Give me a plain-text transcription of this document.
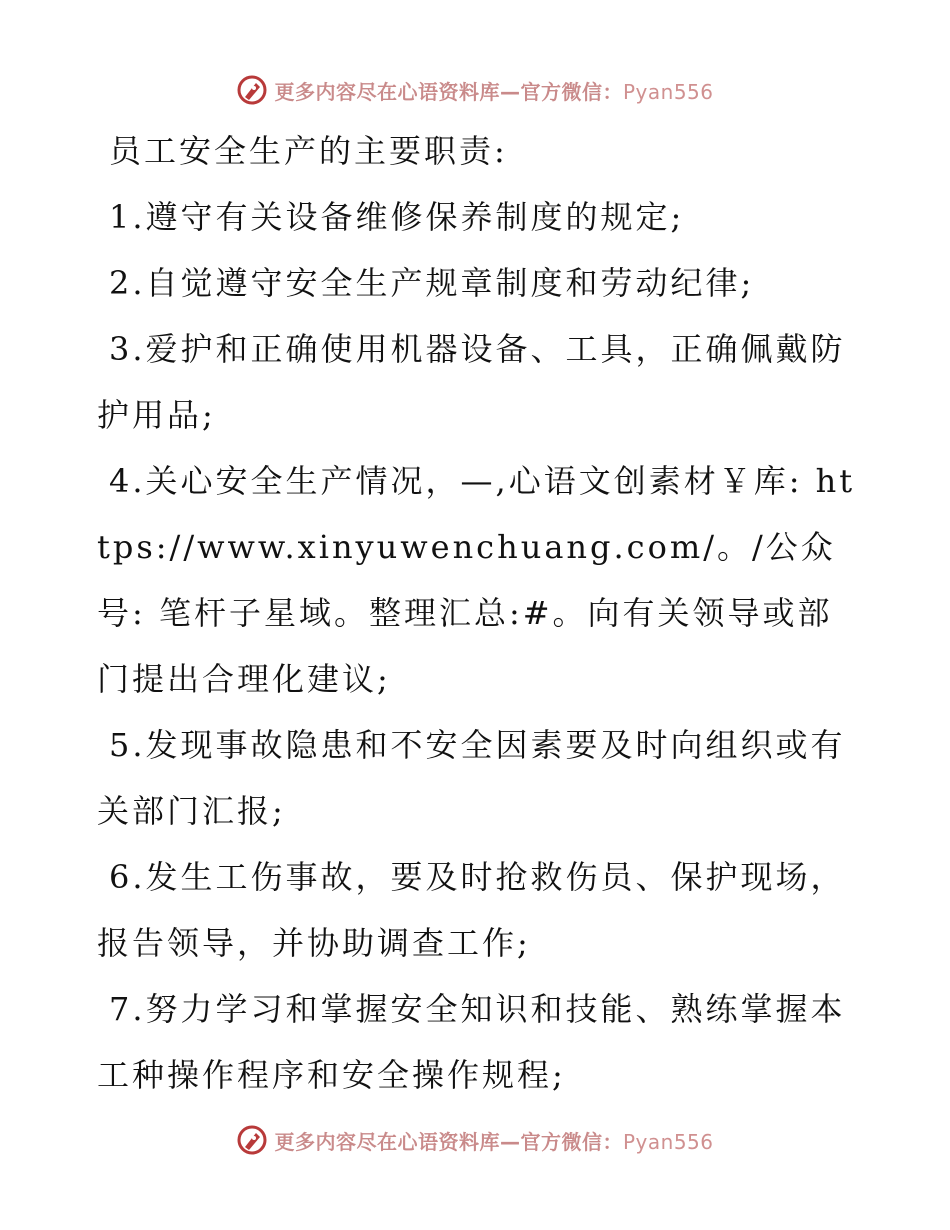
更多内容尽在心语资料库—官方微信：Pyan556

员工安全生产的主要职责:

1.遵守有关设备维修保养制度的规定;

2.自觉遵守安全生产规章制度和劳动纪律;

3.爱护和正确使用机器设备、工具，正确佩戴防护用品;

4.关心安全生产情况，—,心语文创素材￥库: https://www.xinyuwenchuang.com/。/公众号: 笔杆子星域。整理汇总:#。向有关领导或部门提出合理化建议;

5.发现事故隐患和不安全因素要及时向组织或有关部门汇报;

6.发生工伤事故，要及时抢救伤员、保护现场，报告领导，并协助调查工作;

7.努力学习和掌握安全知识和技能、熟练掌握本工种操作程序和安全操作规程;

更多内容尽在心语资料库—官方微信：Pyan556
